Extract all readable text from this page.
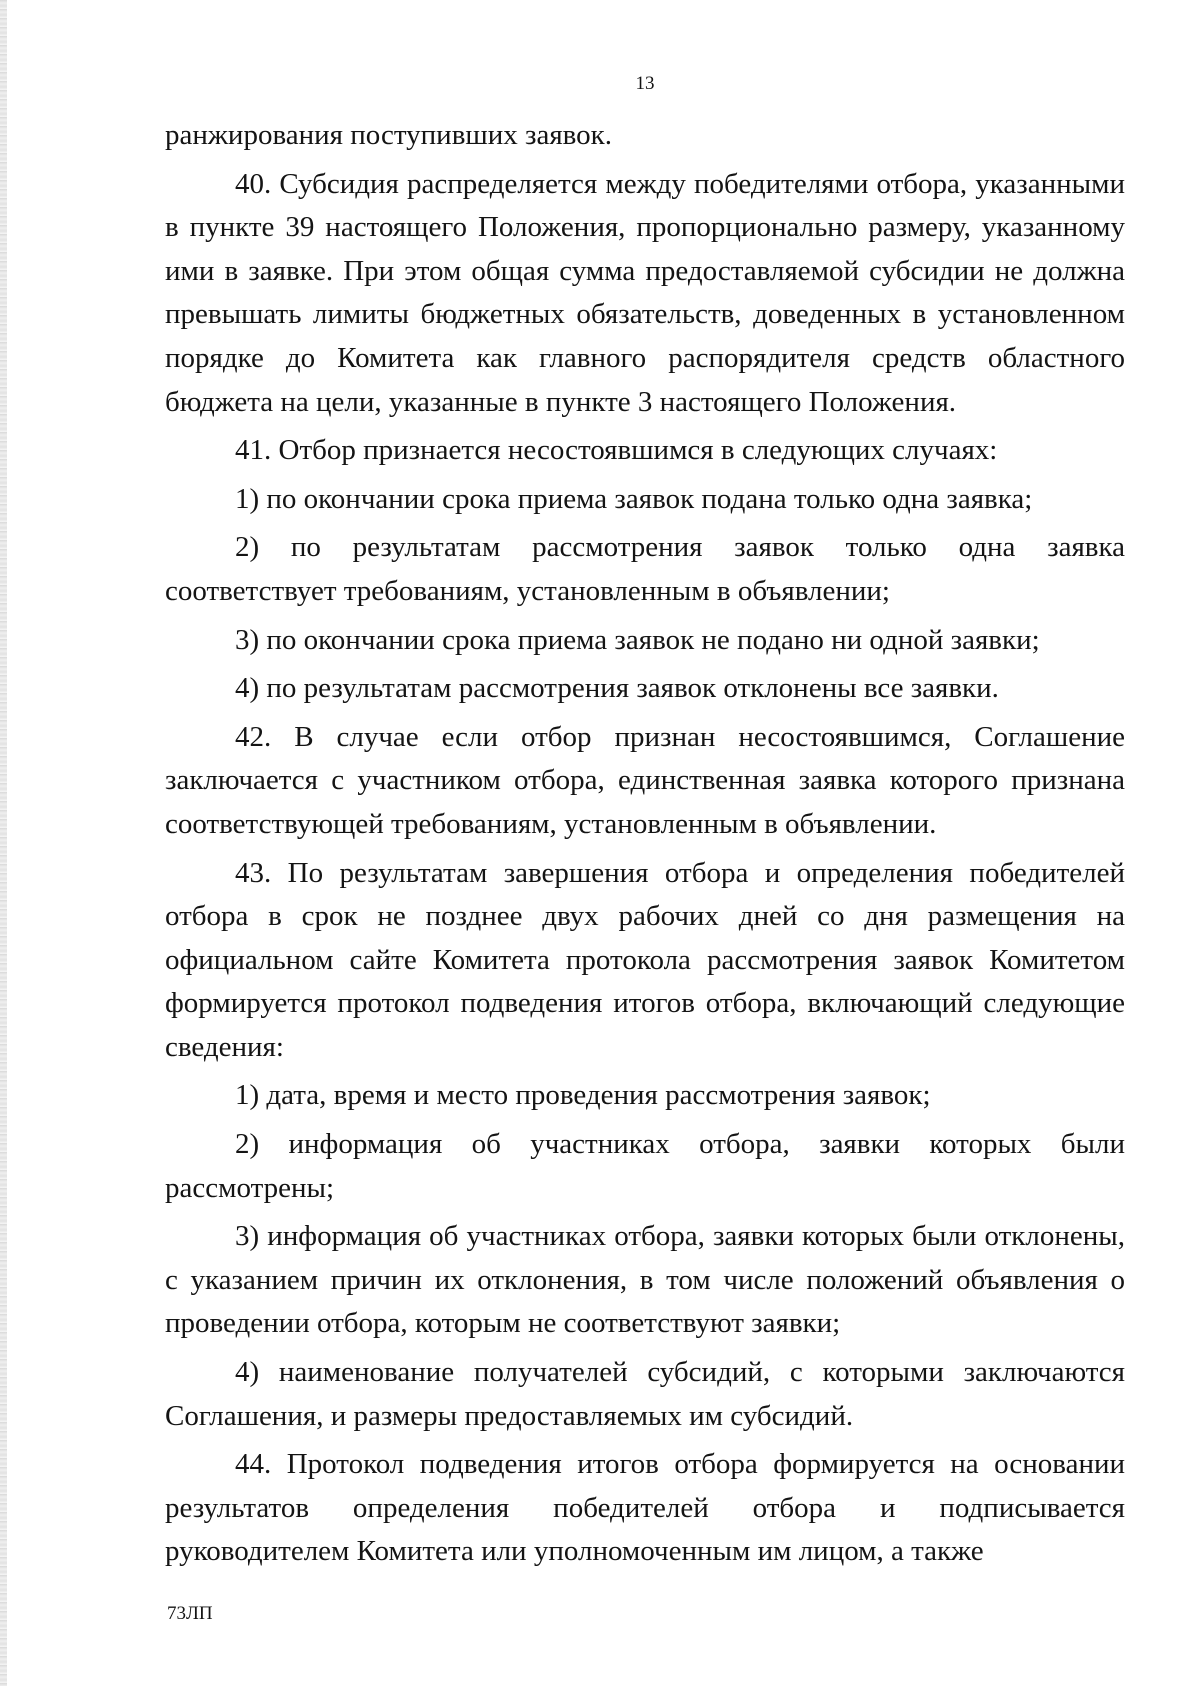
13

ранжирования поступивших заявок.

40. Субсидия распределяется между победителями отбора, указанными в пункте 39 настоящего Положения, пропорционально размеру, указанному ими в заявке. При этом общая сумма предоставляемой субсидии не должна превышать лимиты бюджетных обязательств, доведенных в установленном порядке до Комитета как главного распорядителя средств областного бюджета на цели, указанные в пункте 3 настоящего Положения.

41. Отбор признается несостоявшимся в следующих случаях:

1) по окончании срока приема заявок подана только одна заявка;

2) по результатам рассмотрения заявок только одна заявка соответствует требованиям, установленным в объявлении;

3) по окончании срока приема заявок не подано ни одной заявки;

4) по результатам рассмотрения заявок отклонены все заявки.

42. В случае если отбор признан несостоявшимся, Соглашение заключается с участником отбора, единственная заявка которого признана соответствующей требованиям, установленным в объявлении.

43. По результатам завершения отбора и определения победителей отбора в срок не позднее двух рабочих дней со дня размещения на официальном сайте Комитета протокола рассмотрения заявок Комитетом формируется протокол подведения итогов отбора, включающий следующие сведения:

1) дата, время и место проведения рассмотрения заявок;

2) информация об участниках отбора, заявки которых были рассмотрены;

3) информация об участниках отбора, заявки которых были отклонены, с указанием причин их отклонения, в том числе положений объявления о проведении отбора, которым не соответствуют заявки;

4) наименование получателей субсидий, с которыми заключаются Соглашения, и размеры предоставляемых им субсидий.

44. Протокол подведения итогов отбора формируется на основании результатов определения победителей отбора и подписывается руководителем Комитета или уполномоченным им лицом, а также

73ЛП
